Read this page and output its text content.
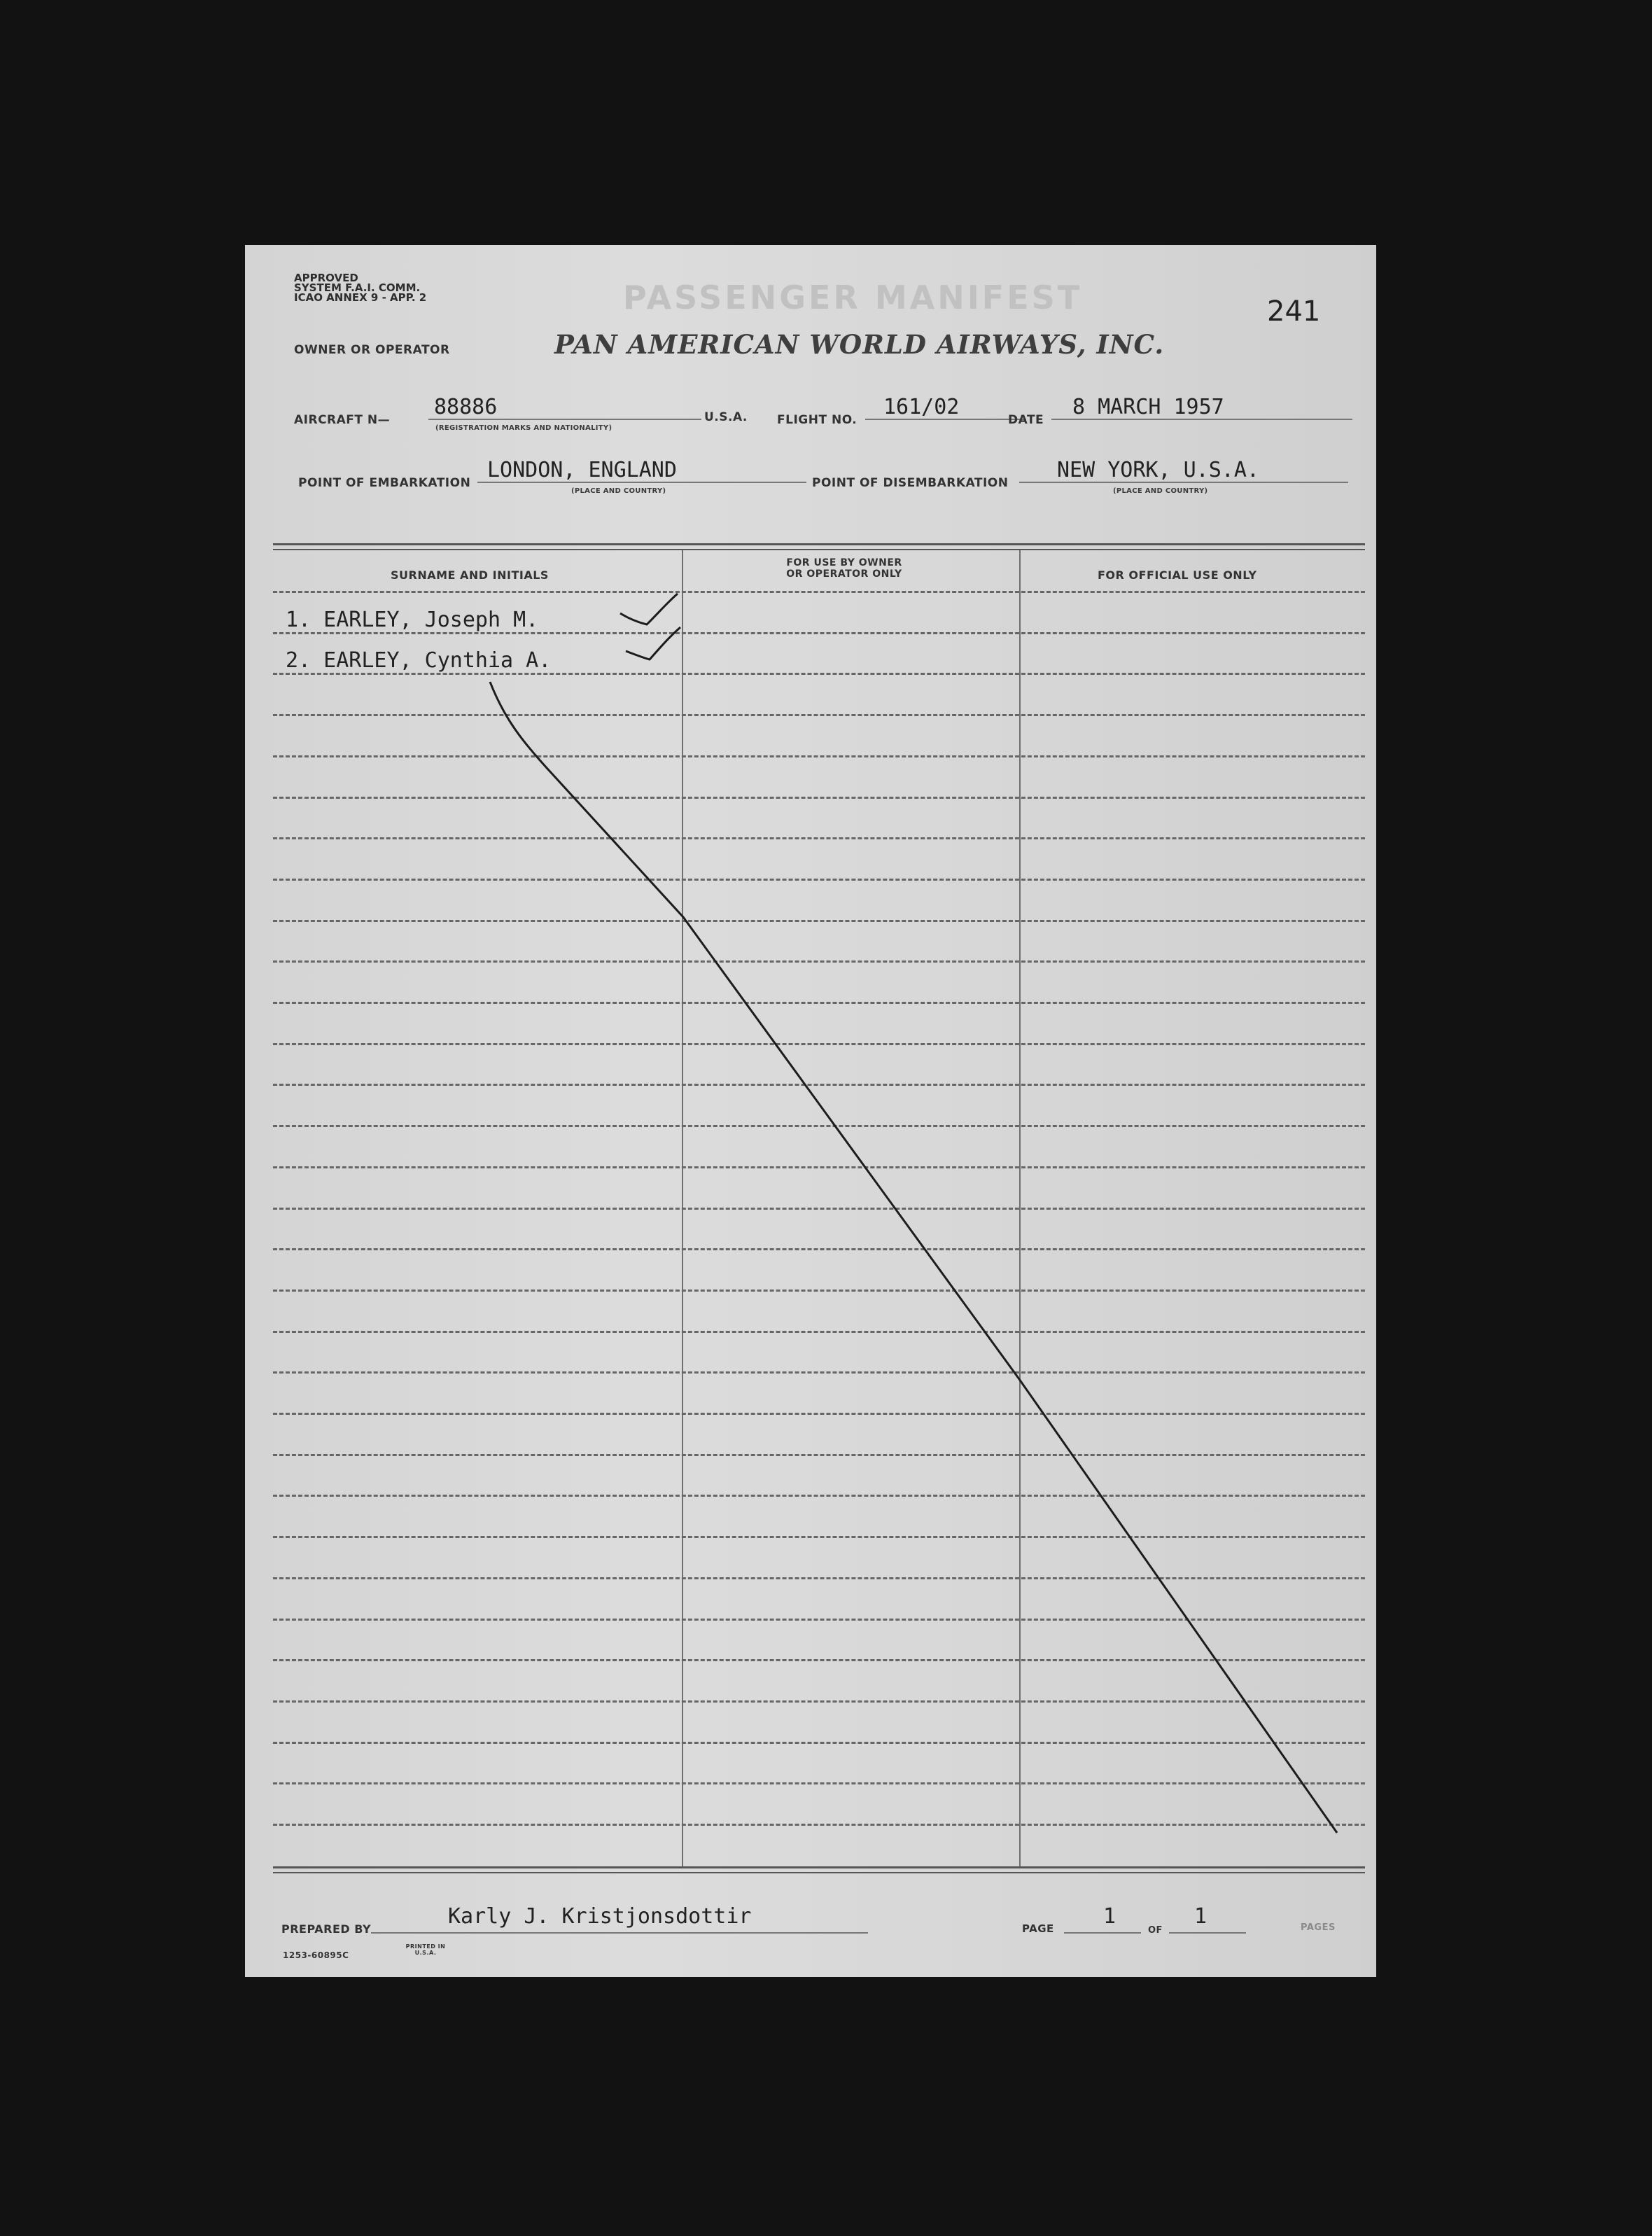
APPROVED
SYSTEM F.A.I. COMM.
ICAO ANNEX 9 - APP. 2	PASSENGER MANIFEST	241
OWNER OR OPERATOR	PAN AMERICAN WORLD AIRWAYS, INC.
AIRCRAFT N—
88886
(REGISTRATION MARKS AND NATIONALITY)
U.S.A. FLIGHT NO.
161/02
DATE
8 MARCH 1957
POINT OF EMBARKATION
LONDON, ENGLAND
(PLACE AND COUNTRY)
POINT OF DISEMBARKATION
NEW YORK, U.S.A.
(PLACE AND COUNTRY)
SURNAME AND INITIALS
FOR USE BY OWNER
OR OPERATOR ONLY	FOR OFFICIAL USE ONLY
1. EARLEY, Joseph M.
2. EARLEY, Cynthia A.
PREPARED BY
Karly J. Kristjonsdottir	PAGE 1
OF
1	PAGES
1253-60895C
PRINTED IN U.S.A.
